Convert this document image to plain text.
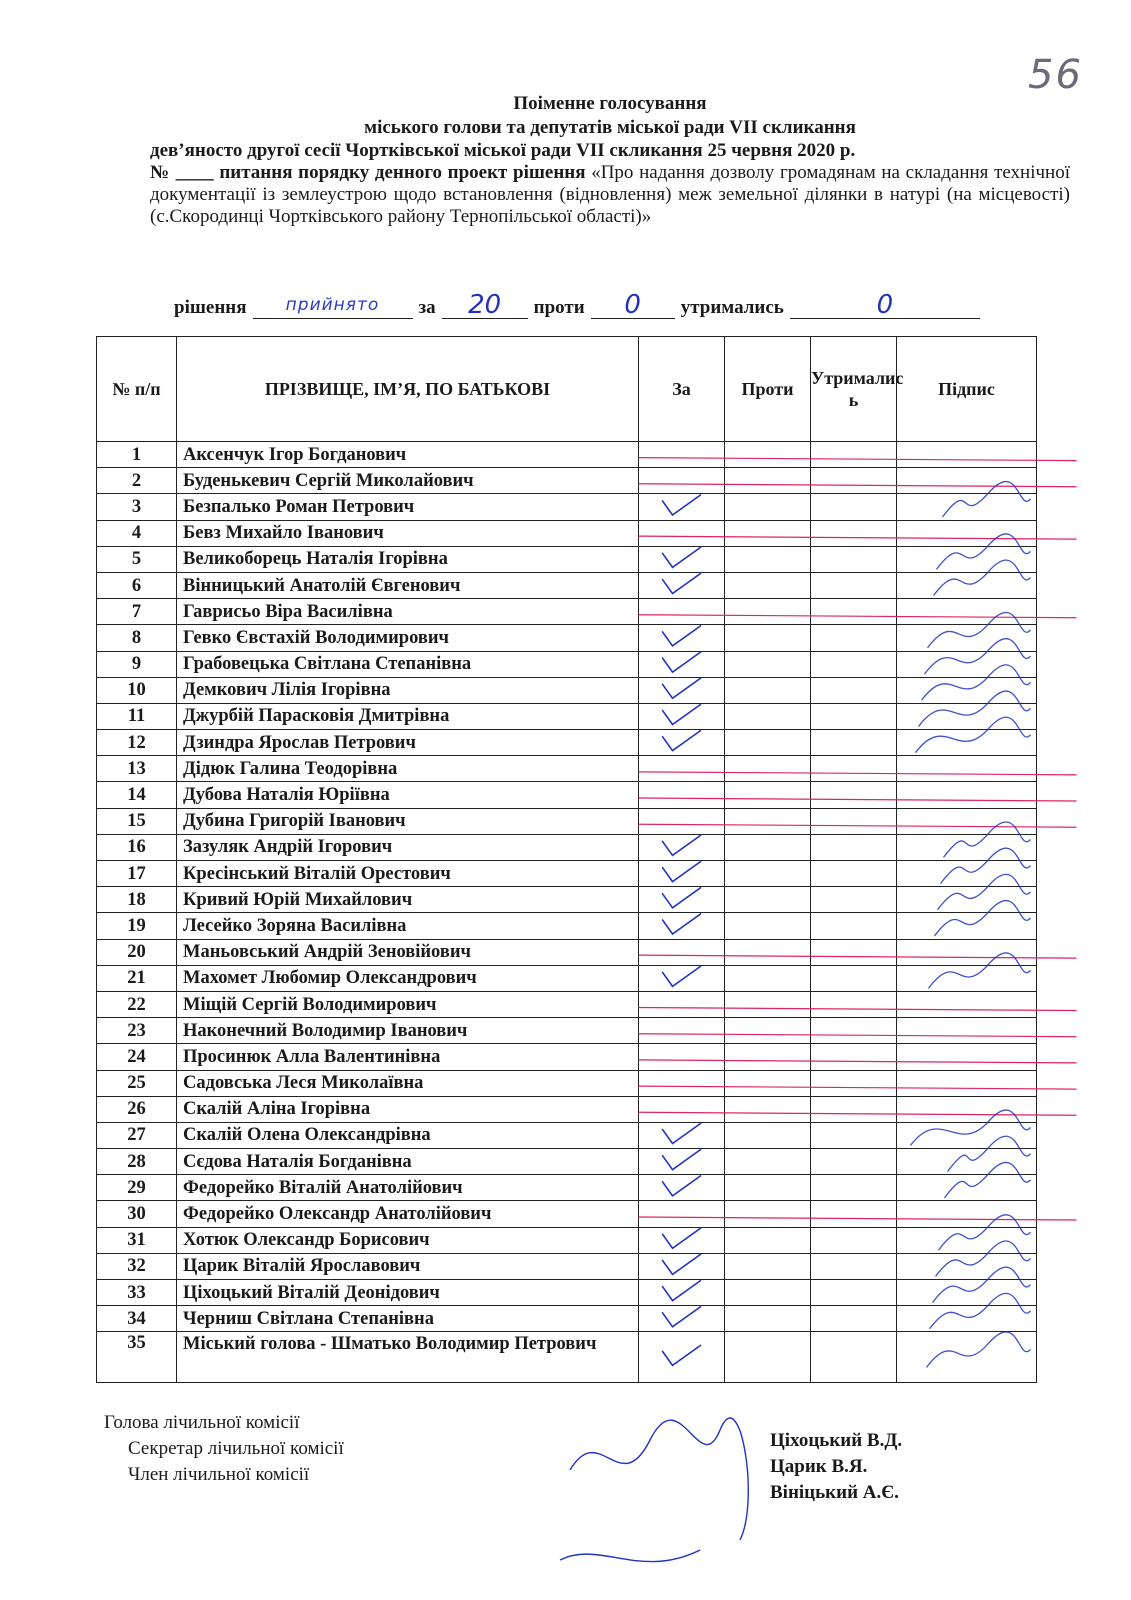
56
Поіменне голосування
міського голови та депутатів міської ради VII скликання
дев’яносто другої сесії Чортківської міської ради VII скликання 25 червня 2020 р.
№ ____ питання порядку денного проект рішення «Про надання дозволу громадянам на складання технічної документації із землеустрою щодо встановлення (відновлення) меж земельної ділянки в натурі (на місцевості) (с.Скородинці Чортківського району Тернопільської області)»
рішення	прийнято	за	20	проти	0	утримались	0
№ п/п	ПРІЗВИЩЕ, ІМ’Я, ПО БАТЬКОВІ	За	Проти	Утрималис ь	Підпис
1	Аксенчук Ігор Богданович				
2	Буденькевич Сергій Миколайович				
3	Безпалько Роман Петрович				
4	Бевз Михайло Іванович				
5	Великоборець Наталія Ігорівна				
6	Вінницький Анатолій Євгенович				
7	Гаврисьо Віра Василівна				
8	Гевко Євстахій Володимирович				
9	Грабовецька Світлана Степанівна				
10	Демкович Лілія Ігорівна				
11	Джурбій Парасковія Дмитрівна				
12	Дзиндра Ярослав Петрович				
13	Дідюк Галина Теодорівна				
14	Дубова Наталія Юріївна				
15	Дубина Григорій Іванович				
16	Зазуляк Андрій Ігорович				
17	Кресінський Віталій Орестович				
18	Кривий Юрій Михайлович				
19	Лесейко Зоряна Василівна				
20	Маньовський Андрій Зеновійович				
21	Махомет Любомир Олександрович				
22	Міщій Сергій Володимирович				
23	Наконечний Володимир Іванович				
24	Просинюк Алла Валентинівна				
25	Садовська Леся Миколаївна				
26	Скалій Аліна Ігорівна				
27	Скалій Олена Олександрівна				
28	Сєдова Наталія Богданівна				
29	Федорейко Віталій Анатолійович				
30	Федорейко Олександр Анатолійович				
31	Хотюк Олександр Борисович				
32	Царик Віталій Ярославович				
33	Ціхоцький Віталій Деонідович				
34	Черниш Світлана Степанівна				
35	Міський голова - Шматько Володимир Петрович				
Голова лічильної комісії
Секретар лічильної комісії
Член лічильної комісії
Ціхоцький В.Д.
Царик В.Я.
Вініцький А.Є.
